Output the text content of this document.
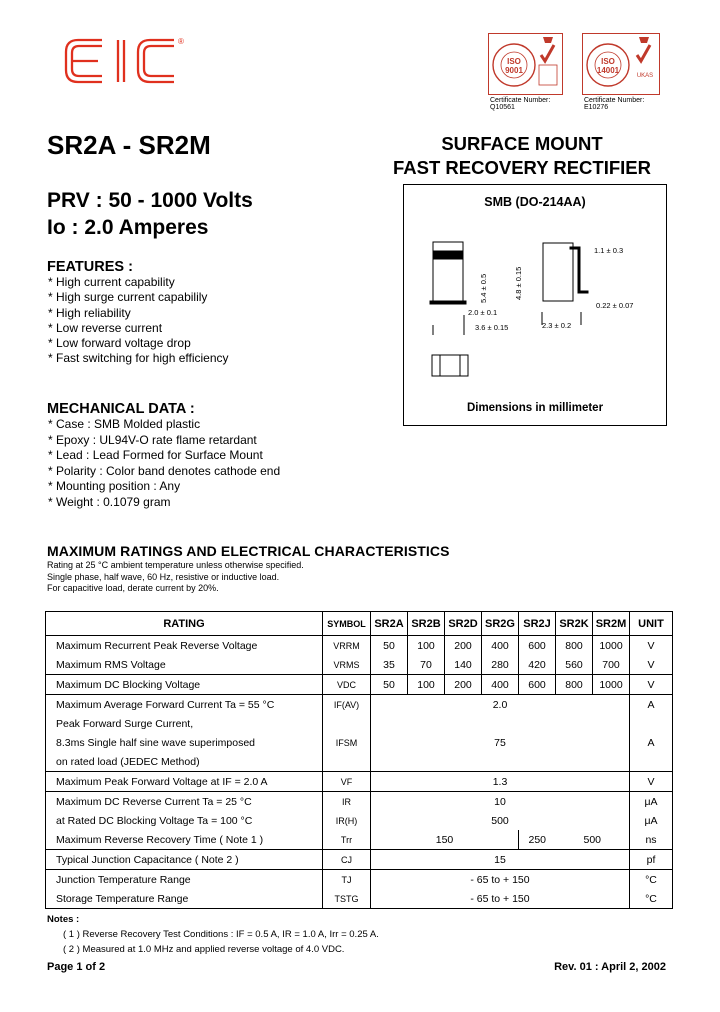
®
ISO
9001
Certificate Number: Q10561
ISO
14001
UKAS
Certificate Number: E10276
SR2A - SR2M	SURFACE MOUNT
FAST RECOVERY RECTIFIER
PRV : 50 - 1000 Volts
Io : 2.0 Amperes
SMB (DO-214AA)
5.4 ± 0.5	4.8 ± 0.15
2.0 ± 0.1
3.6 ± 0.15
1.1 ± 0.3
0.22 ± 0.07
2.3 ± 0.2
Dimensions in millimeter
FEATURES :
* High current capability
* High surge current capabilily
* High reliability
* Low reverse current
* Low forward voltage drop
* Fast switching for high efficiency
MECHANICAL DATA :
* Case : SMB Molded plastic
* Epoxy : UL94V-O rate flame retardant
* Lead : Lead Formed for Surface Mount
* Polarity : Color band denotes cathode end
* Mounting position : Any
* Weight : 0.1079 gram
MAXIMUM RATINGS AND ELECTRICAL CHARACTERISTICS
Rating at 25 °C ambient temperature unless otherwise specified.
Single phase, half wave, 60 Hz, resistive or inductive load.
For capacitive load, derate current by 20%.
RATING	SYMBOL	SR2A	SR2B	SR2D	SR2G	SR2J	SR2K	SR2M	UNIT
Maximum Recurrent Peak Reverse Voltage	VRRM	50	100	200	400	600	800	1000	V
Maximum RMS Voltage	VRMS	35	70	140	280	420	560	700	V
Maximum DC Blocking Voltage	VDC	50	100	200	400	600	800	1000	V
Maximum Average Forward Current Ta = 55 °C	IF(AV)	2.0							A
Peak Forward Surge Current,									
8.3ms Single half sine wave superimposed	IFSM	75							A
on rated load (JEDEC Method)									
Maximum Peak Forward Voltage at IF = 2.0 A	VF	1.3							V
Maximum DC Reverse Current Ta = 25 °C	IR	10							μA
at Rated DC Blocking Voltage Ta = 100 °C	IR(H)	500							μA
Maximum Reverse Recovery Time ( Note 1 )	Trr	150				250	500		ns
Typical Junction Capacitance ( Note 2 )	CJ	15							pf
Junction Temperature Range	TJ	- 65 to + 150							°C
Storage Temperature Range	TSTG	- 65 to + 150							°C
Notes :
( 1 ) Reverse Recovery Test Conditions : IF = 0.5 A, IR = 1.0 A, Irr = 0.25 A.
( 2 ) Measured at 1.0 MHz and applied reverse voltage of 4.0 VDC.
Page 1 of 2	Rev. 01 : April 2, 2002
